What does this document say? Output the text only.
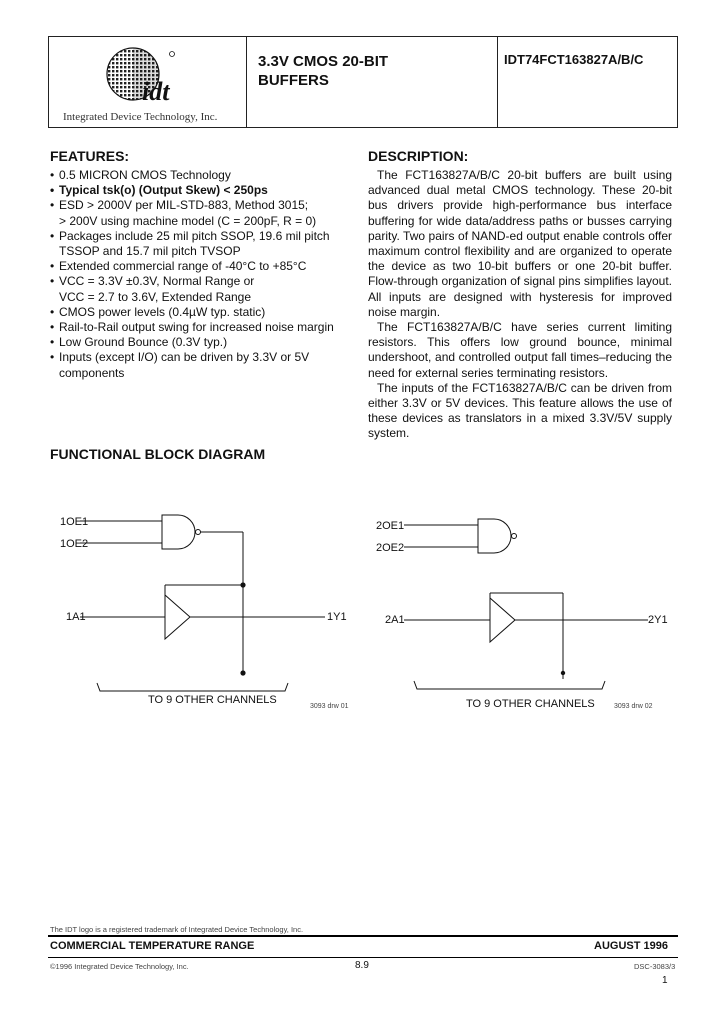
idt
Integrated Device Technology, Inc.
3.3V CMOS 20-BIT
BUFFERS
IDT74FCT163827A/B/C
FEATURES:
• 0.5 MICRON CMOS Technology
• Typical tsk(o) (Output Skew) < 250ps
• ESD > 2000V per MIL-STD-883, Method 3015;
> 200V using machine model (C = 200pF, R = 0)
• Packages include 25 mil pitch SSOP, 19.6 mil pitch
TSSOP and 15.7 mil pitch TVSOP
• Extended commercial range of -40°C to +85°C
• VCC = 3.3V ±0.3V, Normal Range or
VCC = 2.7 to 3.6V, Extended Range
• CMOS power levels (0.4µW typ. static)
• Rail-to-Rail output swing for increased noise margin
• Low Ground Bounce (0.3V typ.)
• Inputs (except I/O) can be driven by 3.3V or 5V
components
DESCRIPTION:

The FCT163827A/B/C 20-bit buffers are built using advanced dual metal CMOS technology. These 20-bit bus drivers provide high-performance bus interface buffering for wide data/address paths or busses carrying parity. Two pairs of NAND-ed output enable controls offer maximum control flexibility and are organized to operate the device as two 10-bit buffers or one 20-bit buffer. Flow-through organization of signal pins simplifies layout. All inputs are designed with hysteresis for improved noise margin.

The FCT163827A/B/C have series current limiting resistors. This offers low ground bounce, minimal undershoot, and controlled output fall times–reducing the need for external series terminating resistors.

The inputs of the FCT163827A/B/C can be driven from either 3.3V or 5V devices. This feature allows the use of these devices as translators in a mixed 3.3V/5V supply system.

FUNCTIONAL BLOCK DIAGRAM
1OE1
1OE2
1A1	1Y1
TO 9 OTHER CHANNELS
3093 drw 01
2OE1
2OE2
2A1	2Y1
TO 9 OTHER CHANNELS	3093 drw 02
The IDT logo is a registered trademark of Integrated Device Technology, Inc.
COMMERCIAL TEMPERATURE RANGE	AUGUST 1996
©1996 Integrated Device Technology, Inc.	8.9	DSC-3083/3
1
